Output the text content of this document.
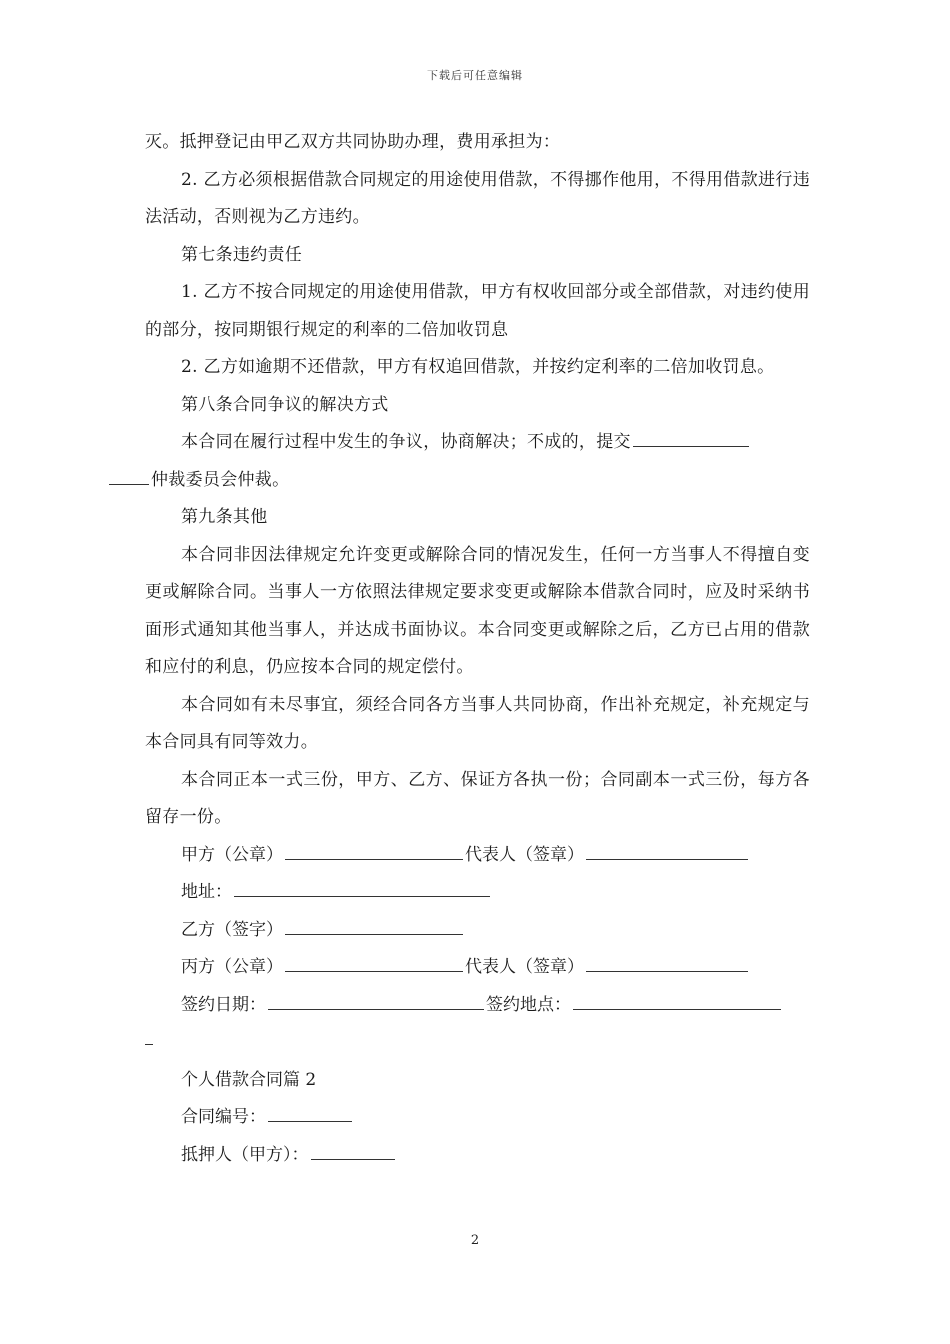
下载后可任意编辑

灭。抵押登记由甲乙双方共同协助办理，费用承担为：

2. 乙方必须根据借款合同规定的用途使用借款，不得挪作他用，不得用借款进行违法活动，否则视为乙方违约。

第七条违约责任

1. 乙方不按合同规定的用途使用借款，甲方有权收回部分或全部借款，对违约使用的部分，按同期银行规定的利率的二倍加收罚息

2. 乙方如逾期不还借款，甲方有权追回借款，并按约定利率的二倍加收罚息。

第八条合同争议的解决方式

本合同在履行过程中发生的争议，协商解决；不成的，提交
仲裁委员会仲裁。

第九条其他

本合同非因法律规定允许变更或解除合同的情况发生，任何一方当事人不得擅自变更或解除合同。当事人一方依照法律规定要求变更或解除本借款合同时，应及时采纳书面形式通知其他当事人，并达成书面协议。本合同变更或解除之后，乙方已占用的借款和应付的利息，仍应按本合同的规定偿付。

本合同如有未尽事宜，须经合同各方当事人共同协商，作出补充规定，补充规定与本合同具有同等效力。

本合同正本一式三份，甲方、乙方、保证方各执一份；合同副本一式三份，每方各留存一份。

甲方（公章）	代表人（签章）

地址：

乙方（签字）

丙方（公章）	代表人（签章）

签约日期：	签约地点：

个人借款合同篇 2

合同编号：

抵押人（甲方）：

2
